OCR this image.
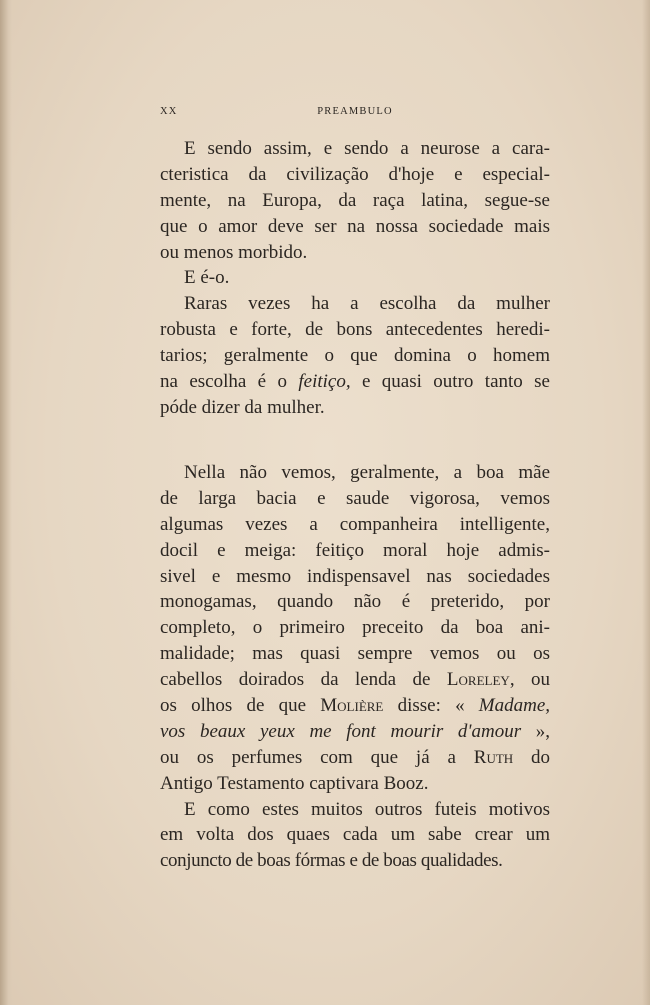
XX	PREAMBULO
E sendo assim, e sendo a neurose a cara-
cteristica da civilização d'hoje e especial-
mente, na Europa, da raça latina, segue-se
que o amor deve ser na nossa sociedade mais
ou menos morbido.
E é-o.
Raras vezes ha a escolha da mulher
robusta e forte, de bons antecedentes heredi-
tarios; geralmente o que domina o homem
na escolha é o feitiço, e quasi outro tanto se
póde dizer da mulher.
Nella não vemos, geralmente, a boa mãe
de larga bacia e saude vigorosa, vemos
algumas vezes a companheira intelligente,
docil e meiga: feitiço moral hoje admis-
sivel e mesmo indispensavel nas sociedades
monogamas, quando não é preterido, por
completo, o primeiro preceito da boa ani-
malidade; mas quasi sempre vemos ou os
cabellos doirados da lenda de Loreley, ou
os olhos de que Molière disse: « Madame,
vos beaux yeux me font mourir d'amour »,
ou os perfumes com que já a Ruth do
Antigo Testamento captivara Booz.
E como estes muitos outros futeis motivos
em volta dos quaes cada um sabe crear um
conjuncto de boas fórmas e de boas qualidades.
